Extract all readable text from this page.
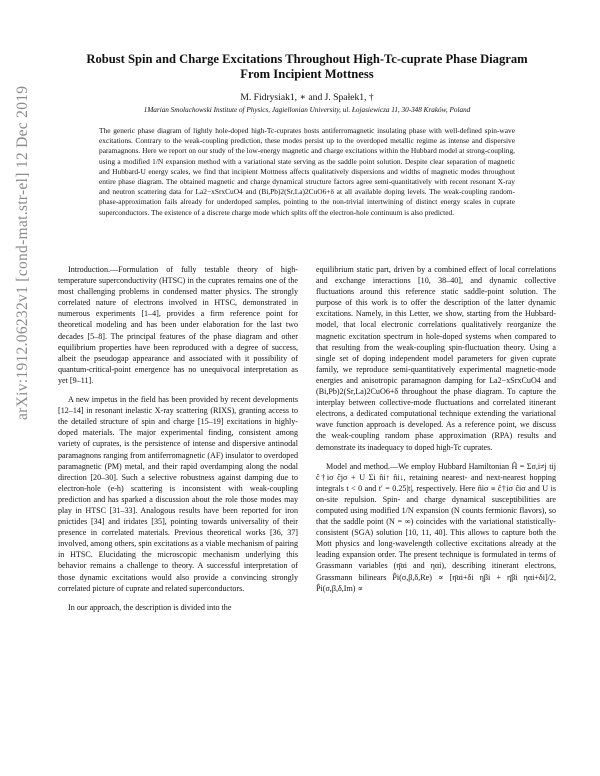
arXiv:1912.06232v1 [cond-mat.str-el] 12 Dec 2019
Robust Spin and Charge Excitations Throughout High-Tc-cuprate Phase Diagram From Incipient Mottness
M. Fidrysiak1, ∗ and J. Spałek1, †
1Marian Smoluchowski Institute of Physics, Jagiellonian University, ul. Łojasiewicza 11, 30-348 Kraków, Poland
The generic phase diagram of lightly hole-doped high-Tc-cuprates hosts antiferromagnetic insulating phase with well-defined spin-wave excitations. Contrary to the weak-coupling prediction, these modes persist up to the overdoped metallic regime as intense and dispersive paramagnons. Here we report on our study of the low-energy magnetic and charge excitations within the Hubbard model at strong-coupling, using a modified 1/N expansion method with a variational state serving as the saddle point solution. Despite clear separation of magnetic and Hubbard-U energy scales, we find that incipient Mottness affects qualitatively dispersions and widths of magnetic modes throughout entire phase diagram. The obtained magnetic and charge dynamical structure factors agree semi-quantitatively with recent resonant X-ray and neutron scattering data for La2−xSrxCuO4 and (Bi,Pb)2(Sr,La)2CuO6+δ at all available doping levels. The weak-coupling random-phase-approximation fails already for underdoped samples, pointing to the non-trivial intertwining of distinct energy scales in cuprate superconductors. The existence of a discrete charge mode which splits off the electron-hole continuum is also predicted.

Introduction.—Formulation of fully testable theory of high-temperature superconductivity (HTSC) in the cuprates remains one of the most challenging problems in condensed matter physics. The strongly correlated nature of electrons involved in HTSC, demonstrated in numerous experiments [1–4], provides a firm reference point for theoretical modeling and has been under elaboration for the last two decades [5–8]. The principal features of the phase diagram and other equilibrium properties have been reproduced with a degree of success, albeit the pseudogap appearance and associated with it possibility of quantum-critical-point emergence has no unequivocal interpretation as yet [9–11].

A new impetus in the field has been provided by recent developments [12–14] in resonant inelastic X-ray scattering (RIXS), granting access to the detailed structure of spin and charge [15–19] excitations in highly-doped materials. The major experimental finding, consistent among variety of cuprates, is the persistence of intense and dispersive antinodal paramagnons ranging from antiferromagnetic (AF) insulator to overdoped paramagnetic (PM) metal, and their rapid overdamping along the nodal direction [20–30]. Such a selective robustness against damping due to electron-hole (e-h) scattering is inconsistent with weak-coupling prediction and has sparked a discussion about the role those modes may play in HTSC [31–33]. Analogous results have been reported for iron pnictides [34] and iridates [35], pointing towards universality of their presence in correlated materials. Previous theoretical works [36, 37] involved, among others, spin excitations as a viable mechanism of pairing in HTSC. Elucidating the microscopic mechanism underlying this behavior remains a challenge to theory. A successful interpretation of those dynamic excitations would also provide a convincing strongly correlated picture of cuprate and related superconductors.

In our approach, the description is divided into the

equilibrium static part, driven by a combined effect of local correlations and exchange interactions [10, 38–40], and dynamic collective fluctuations around this reference static saddle-point solution. The purpose of this work is to offer the description of the latter dynamic excitations. Namely, in this Letter, we show, starting from the Hubbard-model, that local electronic correlations qualitatively reorganize the magnetic excitation spectrum in hole-doped systems when compared to that resulting from the weak-coupling spin-fluctuation theory. Using a single set of doping independent model parameters for given cuprate family, we reproduce semi-quantitatively experimental magnetic-mode energies and anisotropic paramagnon damping for La2−xSrxCuO4 and (Bi,Pb)2(Sr,La)2CuO6+δ throughout the phase diagram. To capture the interplay between collective-mode fluctuations and correlated itinerant electrons, a dedicated computational technique extending the variational wave function approach is developed. As a reference point, we discuss the weak-coupling random phase approximation (RPA) results and demonstrate its inadequacy to doped high-Tc cuprates.

Model and method.—We employ Hubbard Hamiltonian Ĥ = Σσ,i≠j tij ĉ†iσ ĉjσ + U Σi n̂i↑ n̂i↓, retaining nearest- and next-nearest hopping integrals t < 0 and t′ = 0.25|t|, respectively. Here n̂iσ ≡ ĉ†iσ ĉiσ and U is on-site repulsion. Spin- and charge dynamical susceptibilities are computed using modified 1/N expansion (N counts fermionic flavors), so that the saddle point (N = ∞) coincides with the variational statistically-consistent (SGA) solution [10, 11, 40]. This allows to capture both the Mott physics and long-wavelength collective excitations already at the leading expansion order. The present technique is formulated in terms of Grassmann variables (η̄αi and ηαi), describing itinerant electrons, Grassmann bilinears P̂i(σ,β,δ,Re) ∝ [η̄αi+δi ηβi + η̄βi ηαi+δi]/2, P̂i(σ,β,δ,Im) ∝
